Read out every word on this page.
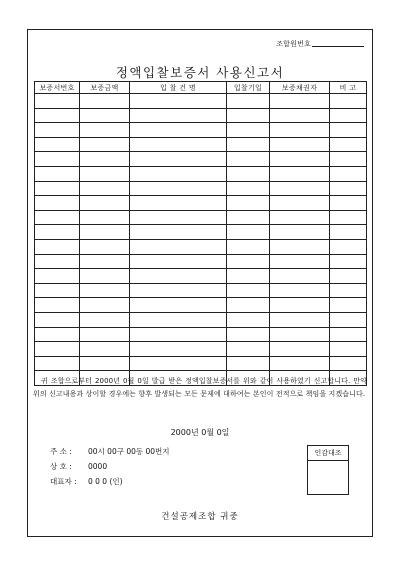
조합원번호
정액입찰보증서 사용신고서
보증서번호	보증금액	입 찰 건 명	입찰기일	보증채권자	비 고

귀 조합으로부터 2000년 0월 0일 발급 받은 정액입찰보증서를 위와 같이 사용하였기 신고합니다. 만약 위의 신고내용과 상이할 경우에는 향후 발생되는 모든 문제에 대하여는 본인이 전적으로 책임을 지겠습니다.
2000년 0월 0일
주 소 : 00시 00구 00동 00번지
상 호 : 0000
대표자 : 0 0 0 (인)
인감대조
건설공제조합 귀중
